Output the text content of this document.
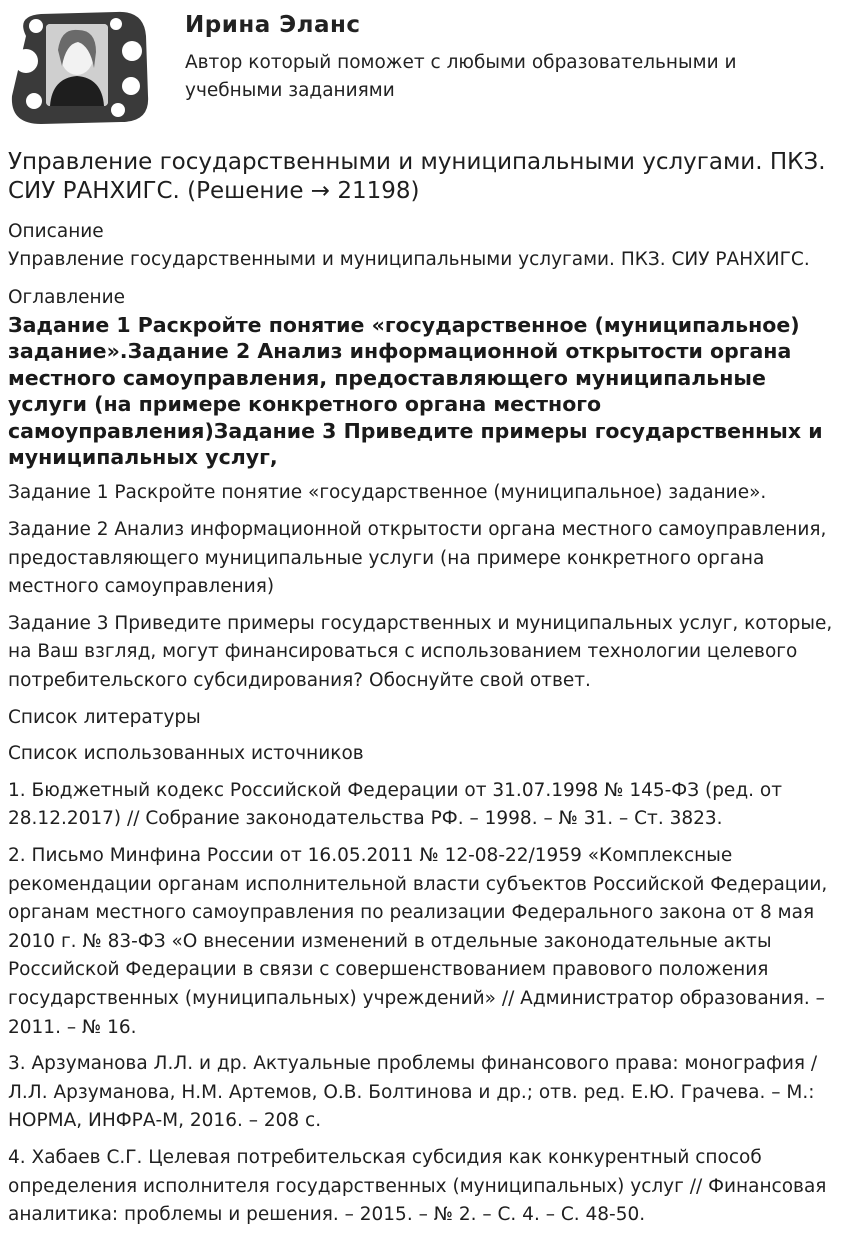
Ирина Эланс
Автор который поможет с любыми образовательными и учебными заданиями
Управление государственными и муниципальными услугами. ПКЗ. СИУ РАНХИГС. (Решение → 21198)

Описание

Управление государственными и муниципальными услугами. ПКЗ. СИУ РАНХИГС.

Оглавление

Задание 1 Раскройте понятие «государственное (муниципальное) задание».Задание 2 Анализ информационной открытости органа местного самоуправления, предоставляющего муниципальные услуги (на примере конкретного органа местного самоуправления)Задание 3 Приведите примеры государственных и муниципальных услуг,

Задание 1 Раскройте понятие «государственное (муниципальное) задание».

Задание 2 Анализ информационной открытости органа местного самоуправления, предоставляющего муниципальные услуги (на примере конкретного органа местного самоуправления)

Задание 3 Приведите примеры государственных и муниципальных услуг, которые, на Ваш взгляд, могут финансироваться с использованием технологии целевого потребительского субсидирования? Обоснуйте свой ответ.

Список литературы

Список использованных источников

1. Бюджетный кодекс Российской Федерации от 31.07.1998 № 145-ФЗ (ред. от 28.12.2017) // Собрание законодательства РФ. – 1998. – № 31. – Ст. 3823.

2. Письмо Минфина России от 16.05.2011 № 12-08-22/1959 «Комплексные рекомендации органам исполнительной власти субъектов Российской Федерации, органам местного самоуправления по реализации Федерального закона от 8 мая 2010 г. № 83-ФЗ «О внесении изменений в отдельные законодательные акты Российской Федерации в связи с совершенствованием правового положения государственных (муниципальных) учреждений» // Администратор образования. – 2011. – № 16.

3. Арзуманова Л.Л. и др. Актуальные проблемы финансового права: монография / Л.Л. Арзуманова, Н.М. Артемов, О.В. Болтинова и др.; отв. ред. Е.Ю. Грачева. – М.: НОРМА, ИНФРА-М, 2016. – 208 с.

4. Хабаев С.Г. Целевая потребительская субсидия как конкурентный способ определения исполнителя государственных (муниципальных) услуг // Финансовая аналитика: проблемы и решения. – 2015. – № 2. – С. 4. – С. 48-50.
